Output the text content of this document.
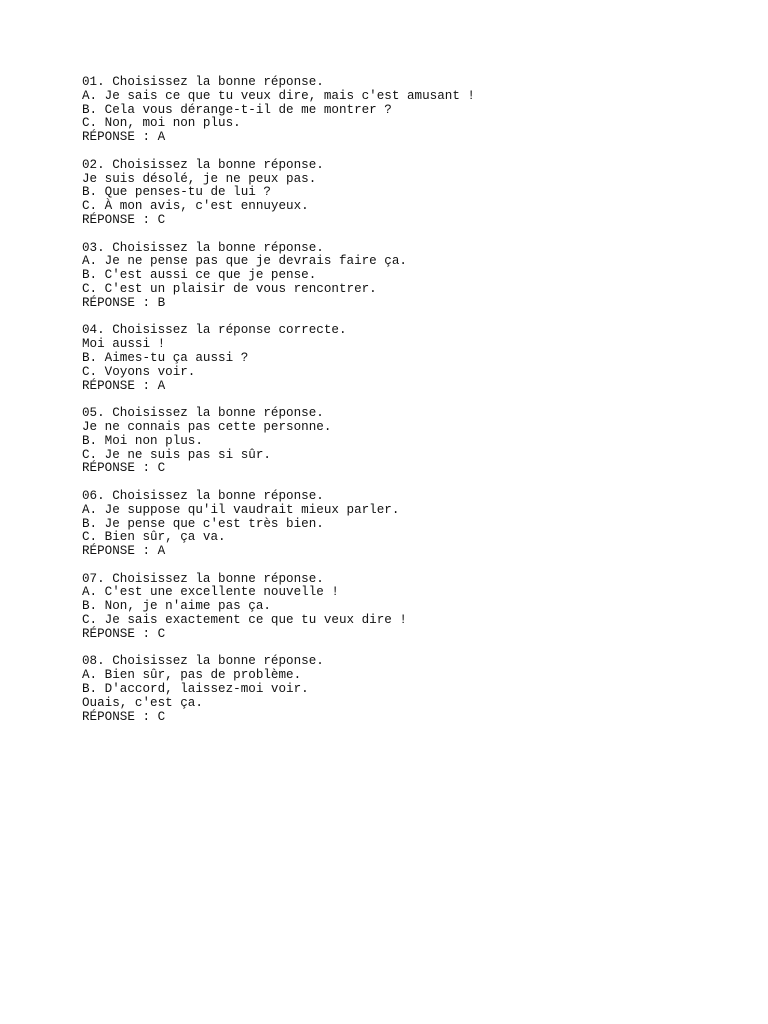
01. Choisissez la bonne réponse.
A. Je sais ce que tu veux dire, mais c'est amusant !
B. Cela vous dérange-t-il de me montrer ?
C. Non, moi non plus.
RÉPONSE : A
02. Choisissez la bonne réponse.
Je suis désolé, je ne peux pas.
B. Que penses-tu de lui ?
C. À mon avis, c'est ennuyeux.
RÉPONSE : C
03. Choisissez la bonne réponse.
A. Je ne pense pas que je devrais faire ça.
B. C'est aussi ce que je pense.
C. C'est un plaisir de vous rencontrer.
RÉPONSE : B
04. Choisissez la réponse correcte.
Moi aussi !
B. Aimes-tu ça aussi ?
C. Voyons voir.
RÉPONSE : A
05. Choisissez la bonne réponse.
Je ne connais pas cette personne.
B. Moi non plus.
C. Je ne suis pas si sûr.
RÉPONSE : C
06. Choisissez la bonne réponse.
A. Je suppose qu'il vaudrait mieux parler.
B. Je pense que c'est très bien.
C. Bien sûr, ça va.
RÉPONSE : A
07. Choisissez la bonne réponse.
A. C'est une excellente nouvelle !
B. Non, je n'aime pas ça.
C. Je sais exactement ce que tu veux dire !
RÉPONSE : C
08. Choisissez la bonne réponse.
A. Bien sûr, pas de problème.
B. D'accord, laissez-moi voir.
Ouais, c'est ça.
RÉPONSE : C
